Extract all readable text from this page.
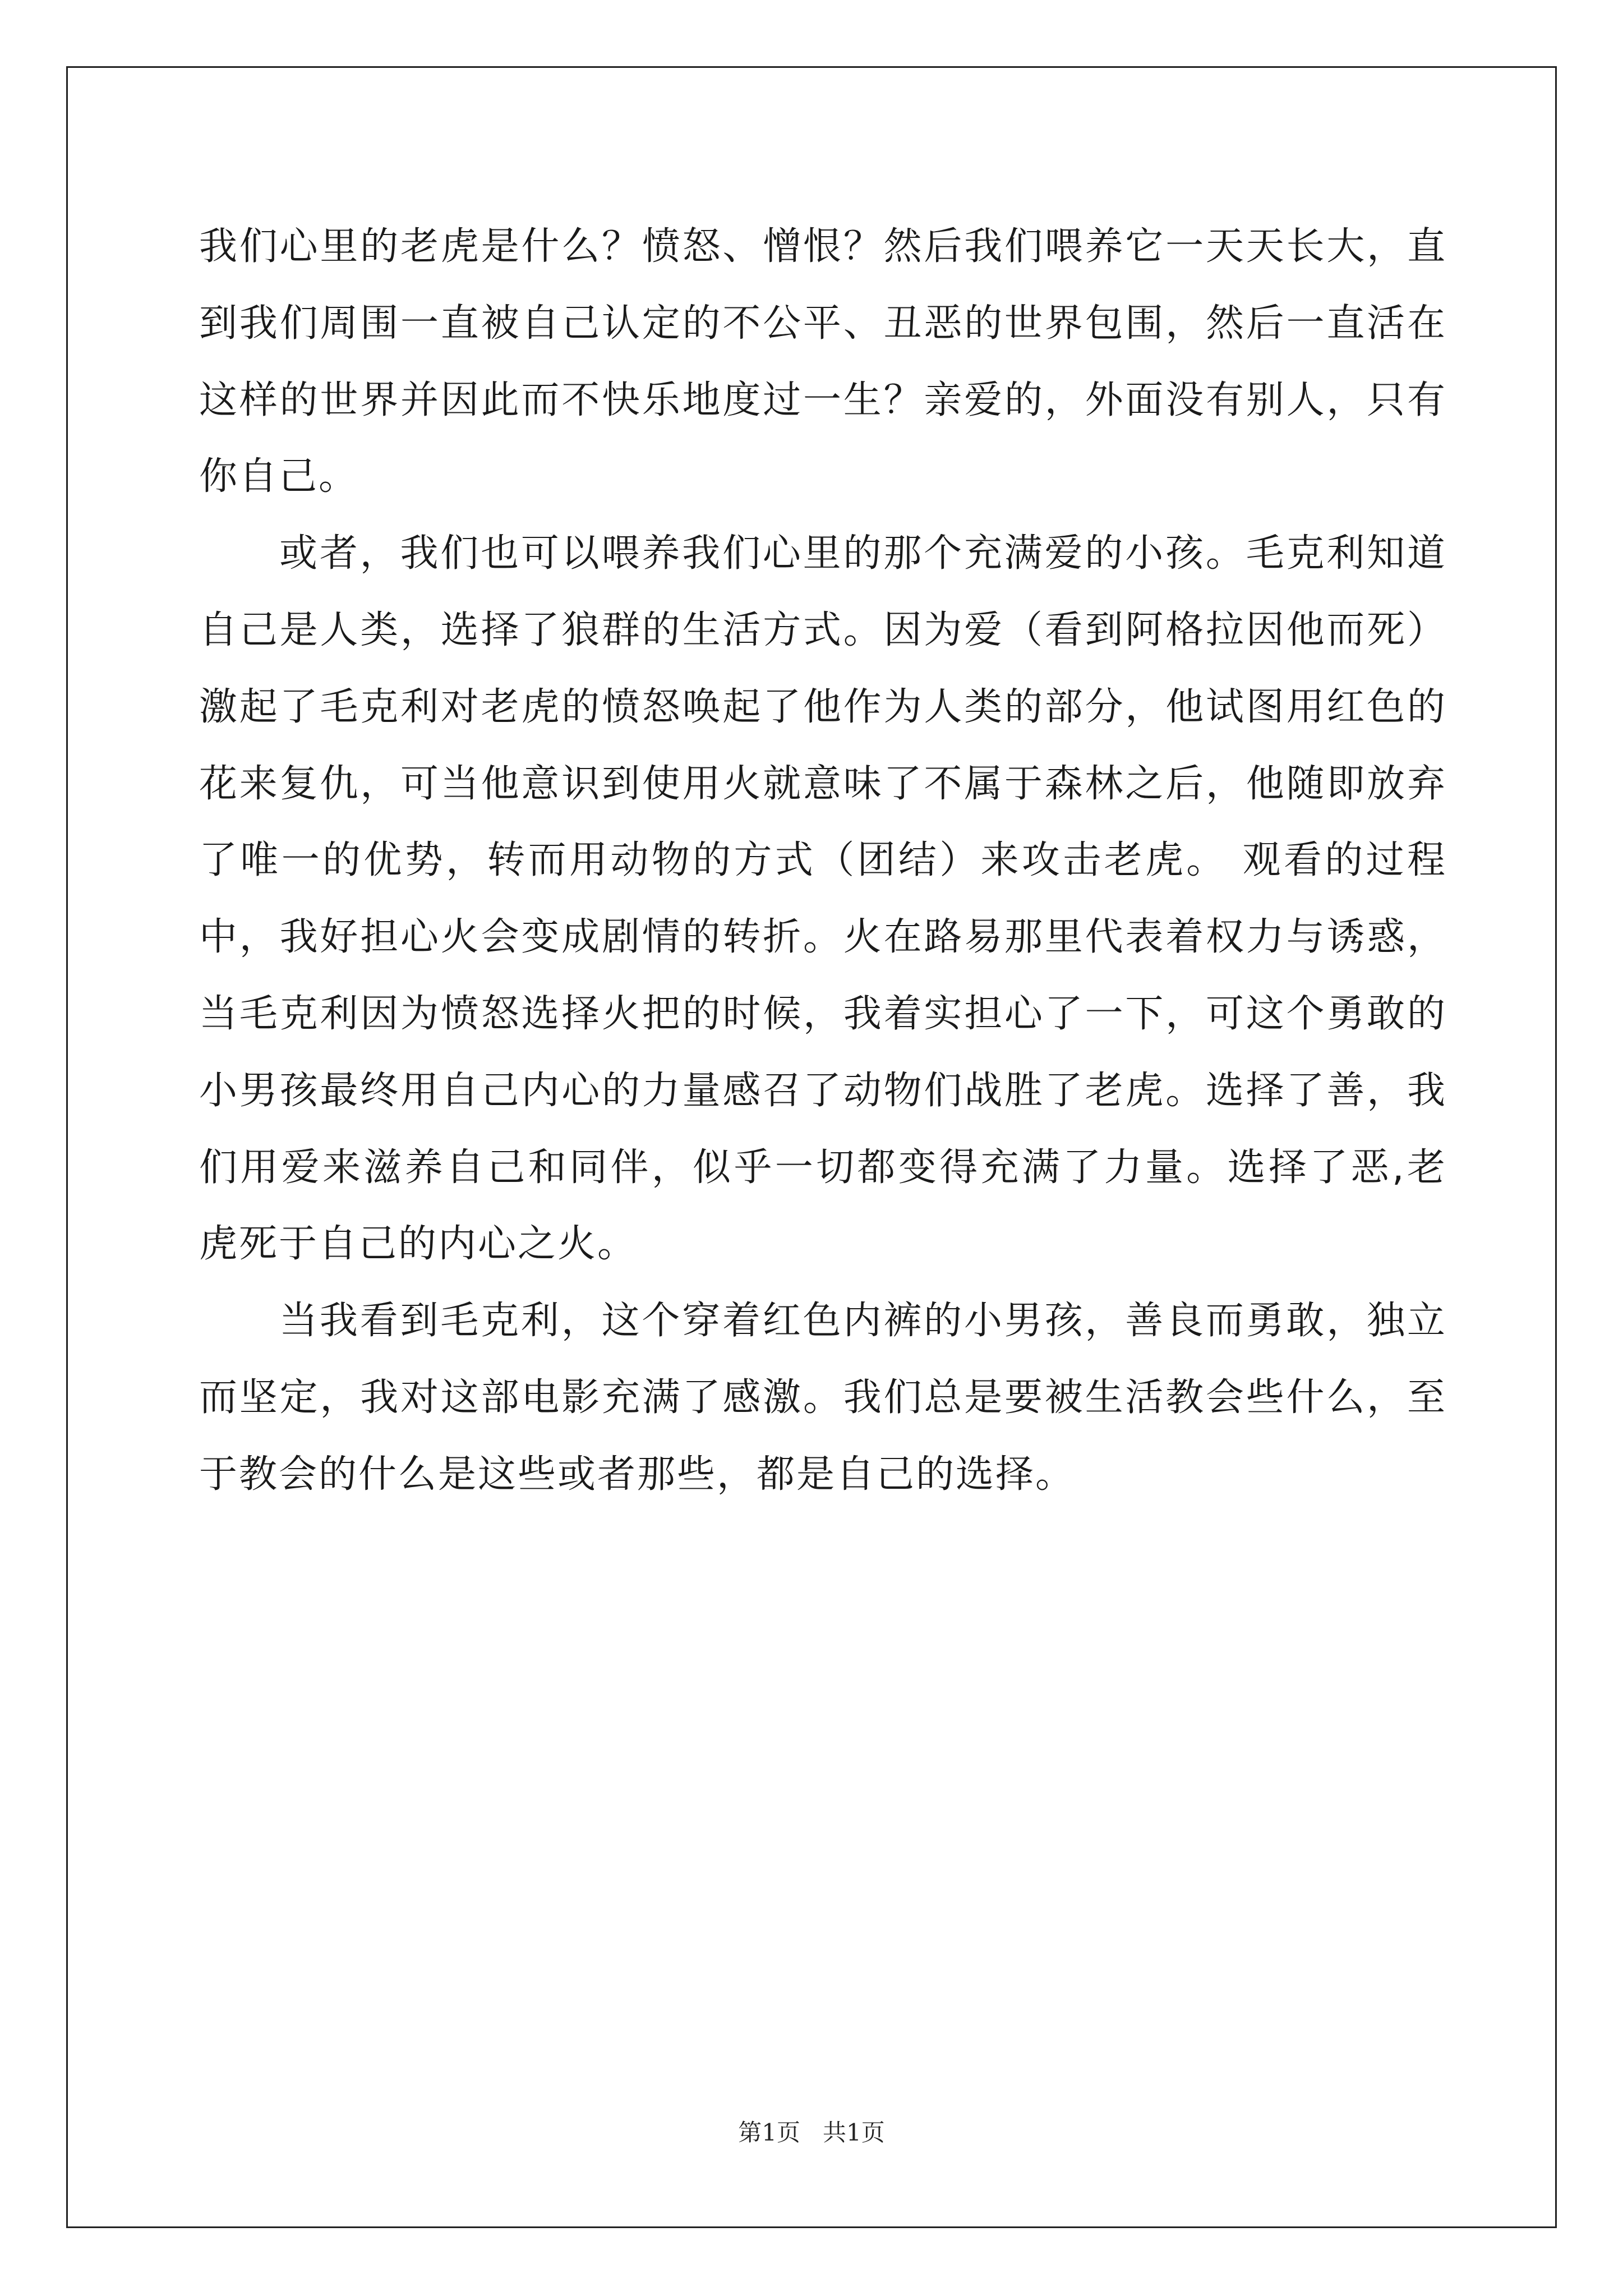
我们心里的老虎是什么？愤怒、憎恨？然后我们喂养它一天天长大，直到我们周围一直被自己认定的不公平、丑恶的世界包围，然后一直活在这样的世界并因此而不快乐地度过一生？亲爱的，外面没有别人，只有你自己。

或者，我们也可以喂养我们心里的那个充满爱的小孩。毛克利知道自己是人类，选择了狼群的生活方式。因为爱（看到阿格拉因他而死）激起了毛克利对老虎的愤怒唤起了他作为人类的部分，他试图用红色的花来复仇，可当他意识到使用火就意味了不属于森林之后，他随即放弃了唯一的优势，转而用动物的方式（团结）来攻击老虎。 观看的过程中，我好担心火会变成剧情的转折。火在路易那里代表着权力与诱惑，当毛克利因为愤怒选择火把的时候，我着实担心了一下，可这个勇敢的小男孩最终用自己内心的力量感召了动物们战胜了老虎。选择了善，我们用爱来滋养自己和同伴，似乎一切都变得充满了力量。选择了恶,老虎死于自己的内心之火。

当我看到毛克利，这个穿着红色内裤的小男孩，善良而勇敢，独立而坚定，我对这部电影充满了感激。我们总是要被生活教会些什么，至于教会的什么是这些或者那些，都是自己的选择。

第1页 共1页
